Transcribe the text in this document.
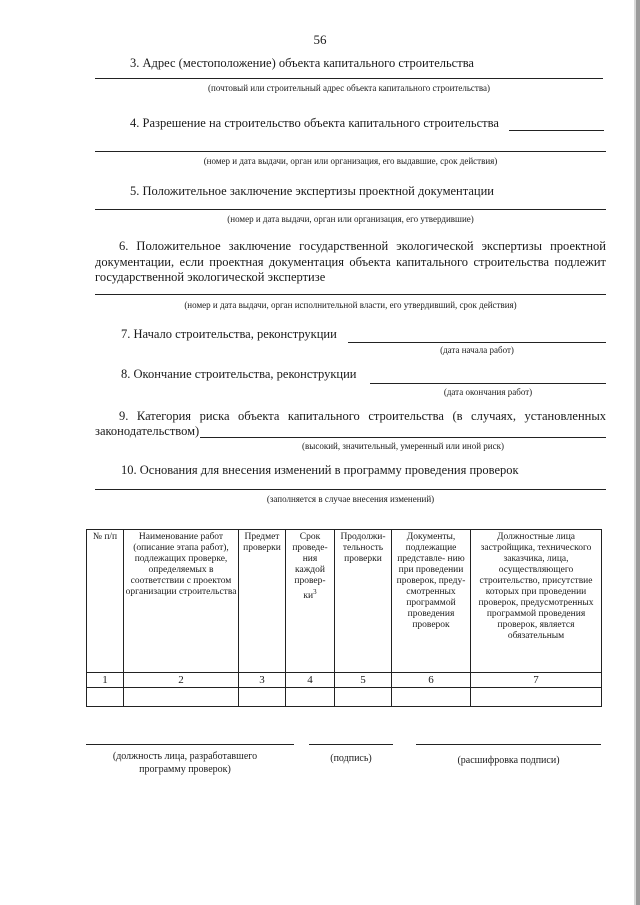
56
3. Адрес (местоположение) объекта капитального строительства
(почтовый или строительный адрес объекта капитального строительства)
4. Разрешение на строительство объекта капитального строительства
(номер и дата выдачи, орган или организация, его выдавшие, срок действия)
5. Положительное заключение экспертизы проектной документации
(номер и дата выдачи, орган или организация, его утвердившие)
6. Положительное заключение государственной экологической экспертизы проектной
документации, если проектная документация объекта капитального строительства подлежит
государственной экологической экспертизе
(номер и дата выдачи, орган исполнительной власти, его утвердивший, срок действия)
7. Начало строительства, реконструкции
(дата начала работ)
8. Окончание строительства, реконструкции
(дата окончания работ)
9. Категория риска объекта капитального строительства (в случаях, установленных
законодательством)
(высокий, значительный, умеренный или иной риск)
10. Основания для внесения изменений в программу проведения проверок
(заполняется в случае внесения изменений)
№ п/п	Наименование работ (описание этапа работ), подлежащих проверке, определяемых в соответствии с проектом организации строительства	Предмет проверки	Срок проведе- ния каждой провер- $ки^3$	Продолжи- тельность проверки	Документы, подлежащие представле- нию при проведении проверок, преду- смотренных программой проведения проверок	Должностные лица застройщика, технического заказчика, лица, осуществляющего строительство, присутствие которых при проведении проверок, предусмотренных программой проведения проверок, является обязательным
1	2	3	4	5	6	7

(должность лица, разработавшего программу проверок)
(подпись)	(расшифровка подписи)
